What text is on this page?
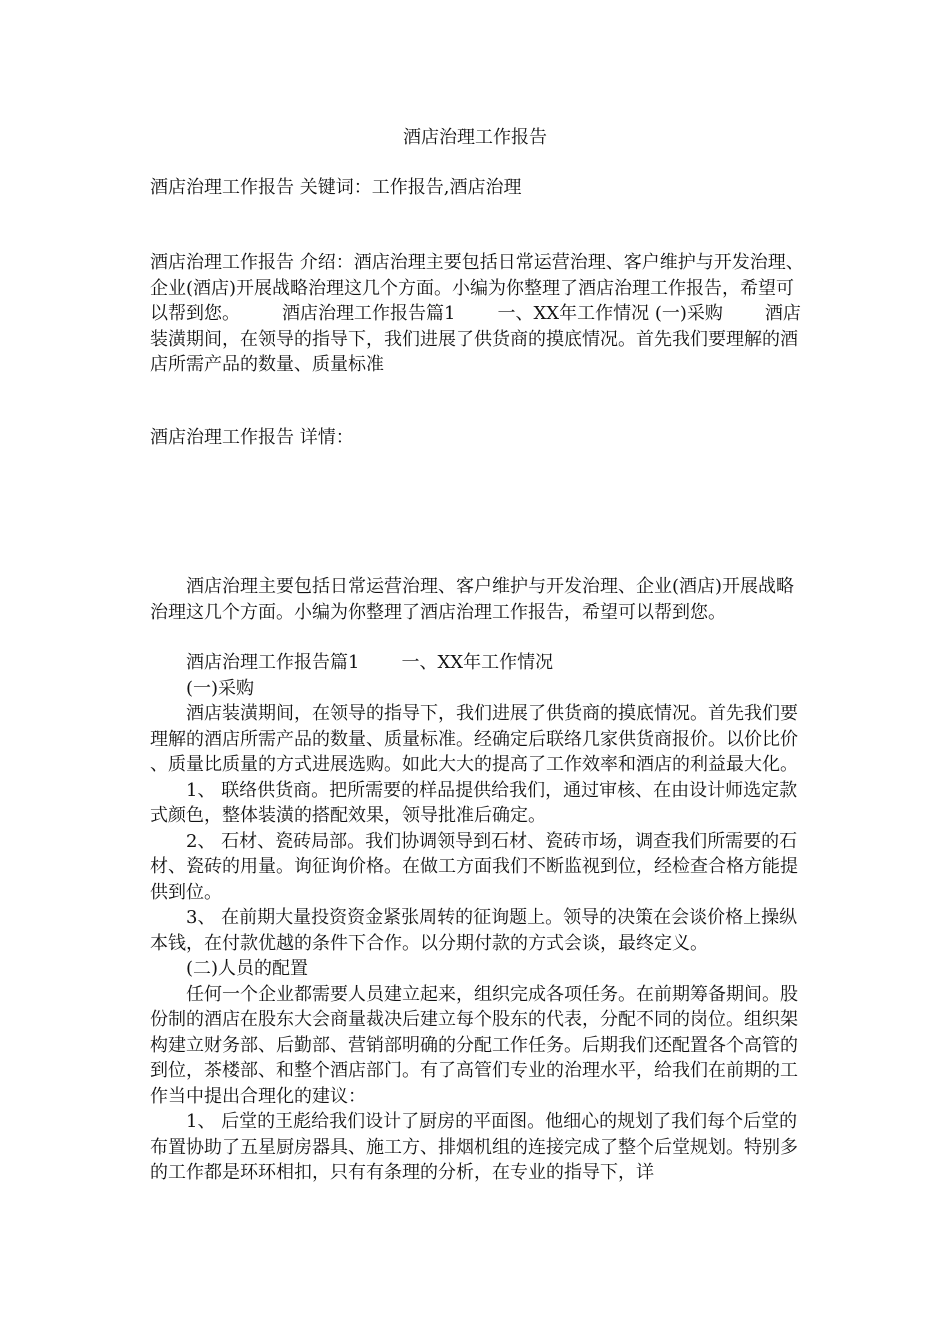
酒店治理工作报告

酒店治理工作报告 关键词：工作报告,酒店治理

酒店治理工作报告 介绍：酒店治理主要包括日常运营治理、客户维护与开发治理、企业(酒店)开展战略治理这几个方面。小编为你整理了酒店治理工作报告，希望可以帮到您。 酒店治理工作报告篇1 一、XX年工作情况 (一)采购 酒店装潢期间，在领导的指导下，我们进展了供货商的摸底情况。首先我们要理解的酒店所需产品的数量、质量标准

酒店治理工作报告 详情：

酒店治理主要包括日常运营治理、客户维护与开发治理、企业(酒店)开展战略治理这几个方面。小编为你整理了酒店治理工作报告，希望可以帮到您。

酒店治理工作报告篇1 一、XX年工作情况

(一)采购

酒店装潢期间，在领导的指导下，我们进展了供货商的摸底情况。首先我们要理解的酒店所需产品的数量、质量标准。经确定后联络几家供货商报价。以价比价 、质量比质量的方式进展选购。如此大大的提高了工作效率和酒店的利益最大化。

1、 联络供货商。把所需要的样品提供给我们，通过审核、在由设计师选定款式颜色，整体装潢的搭配效果，领导批准后确定。

2、 石材、瓷砖局部。我们协调领导到石材、瓷砖市场，调查我们所需要的石材、瓷砖的用量。询征询价格。在做工方面我们不断监视到位，经检查合格方能提供到位。

3、 在前期大量投资资金紧张周转的征询题上。领导的决策在会谈价格上操纵本钱，在付款优越的条件下合作。以分期付款的方式会谈，最终定义。

(二)人员的配置

任何一个企业都需要人员建立起来，组织完成各项任务。在前期筹备期间。股份制的酒店在股东大会商量裁决后建立每个股东的代表，分配不同的岗位。组织架构建立财务部、后勤部、营销部明确的分配工作任务。后期我们还配置各个高管的到位，茶楼部、和整个酒店部门。有了高管们专业的治理水平，给我们在前期的工作当中提出合理化的建议：

1、 后堂的王彪给我们设计了厨房的平面图。他细心的规划了我们每个后堂的布置协助了五星厨房器具、施工方、排烟机组的连接完成了整个后堂规划。特别多的工作都是环环相扣，只有有条理的分析，在专业的指导下，详
